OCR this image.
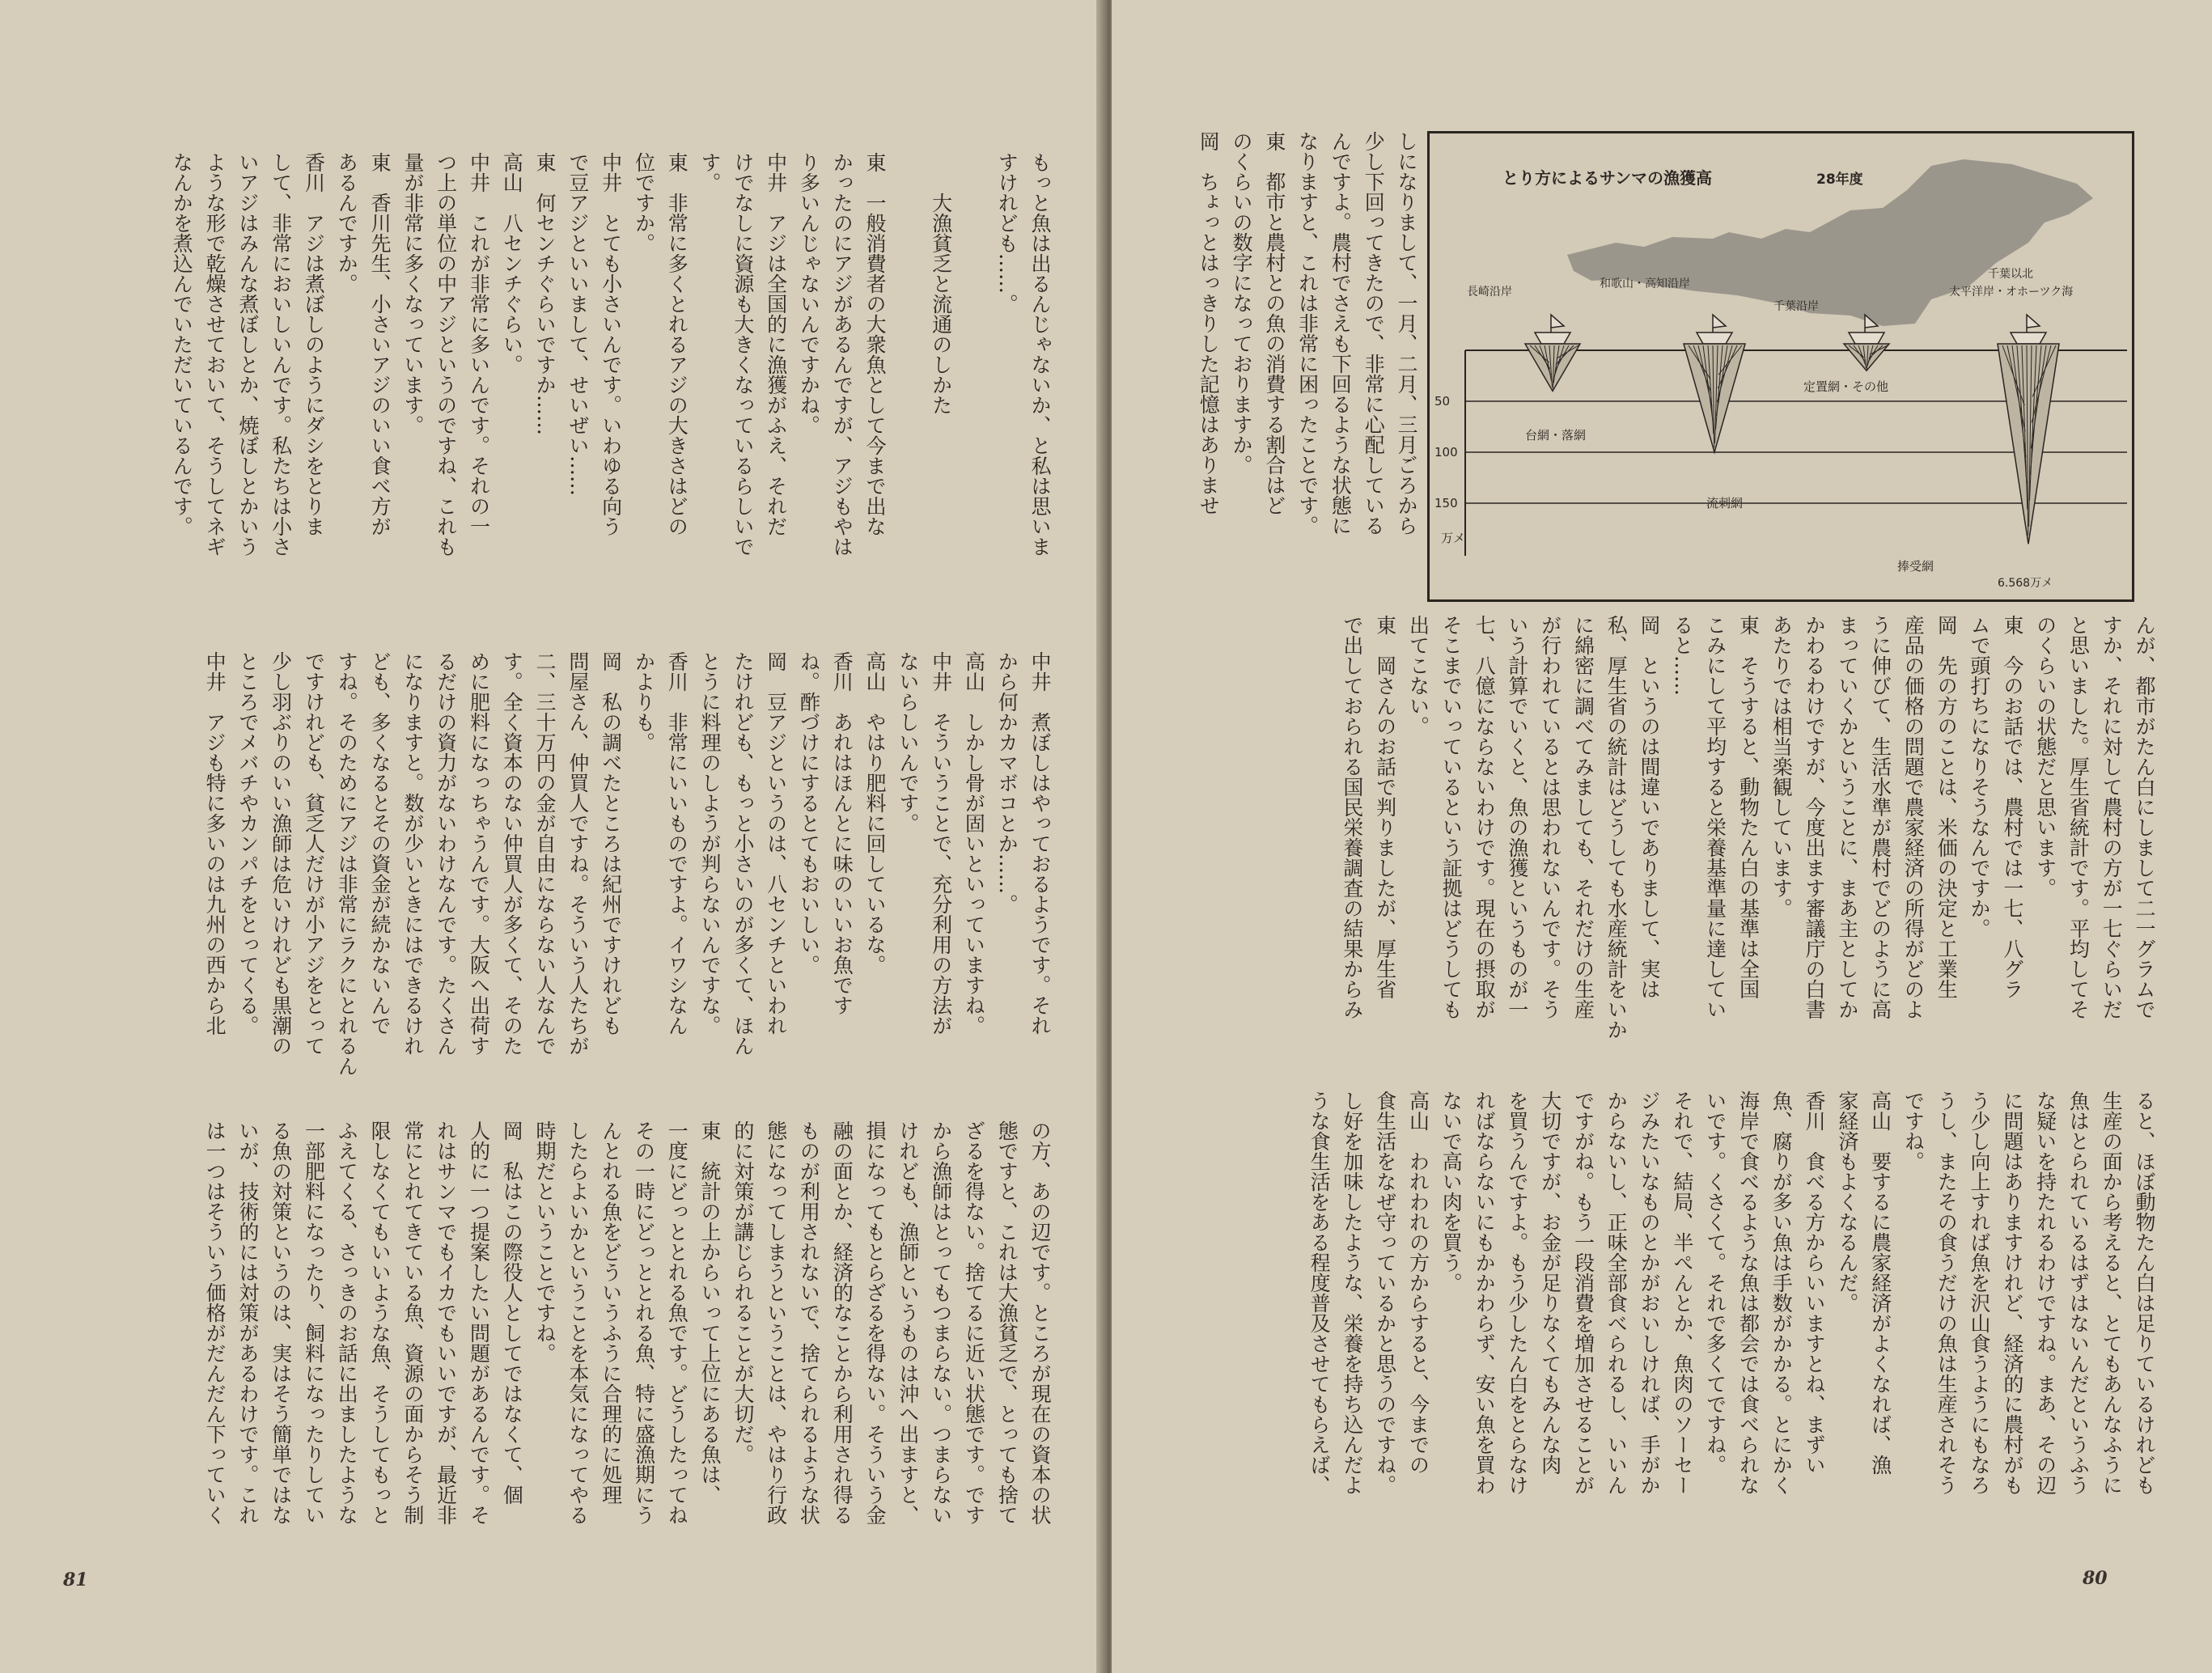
もっと魚は出るんじゃないか、と私は思いま
すけれども……。

　　大漁貧乏と流通のしかた

東　一般消費者の大衆魚として今まで出な
かったのにアジがあるんですが、アジもやは
り多いんじゃないんですかね。
中井　アジは全国的に漁獲がふえ、それだ
けでなしに資源も大きくなっているらしいで
す。
東　非常に多くとれるアジの大きさはどの
位ですか。
中井　とても小さいんです。いわゆる向う
で豆アジといいまして、せいぜい……
東　何センチぐらいですか……
高山　八センチぐらい。
中井　これが非常に多いんです。それの一
つ上の単位の中アジというのですね、これも
量が非常に多くなっています。
東　香川先生、小さいアジのいい食べ方が
あるんですか。
香川　アジは煮ぼしのようにダシをとりま
して、非常においしいんです。私たちは小さ
いアジはみんな煮ぼしとか、焼ぼしとかいう
ような形で乾燥させておいて、そうしてネギ
なんかを煮込んでいただいているんです。
中井　煮ぼしはやっておるようです。それ
から何かカマボコとか……。
高山　しかし骨が固いといっていますね。
中井　そういうことで、充分利用の方法が
ないらしいんです。
高山　やはり肥料に回しているな。
香川　あれはほんとに味のいいお魚です
ね。酢づけにするとてもおいしい。
岡　豆アジというのは、八センチといわれ
たけれども、もっと小さいのが多くて、ほん
とうに料理のしようが判らないんですな。
香川　非常にいいものですよ。イワシなん
かよりも。
岡　私の調べたところは紀州ですけれども
問屋さん、仲買人ですね。そういう人たちが
二、三十万円の金が自由にならない人なんで
す。全く資本のない仲買人が多くて、そのた
めに肥料になっちゃうんです。大阪へ出荷す
るだけの資力がないわけなんです。たくさん
になりますと。数が少いときにはできるけれ
ども、多くなるとその資金が続かないんで
すね。そのためにアジは非常にラクにとれるん
ですけれども、貧乏人だけが小アジをとって
少し羽ぶりのいい漁師は危いけれども黒潮の
ところでメバチやカンパチをとってくる。
中井　アジも特に多いのは九州の西から北
の方、あの辺です。ところが現在の資本の状
態ですと、これは大漁貧乏で、とっても捨て
ざるを得ない。捨てるに近い状態です。です
から漁師はとってもつまらない。つまらない
けれども、漁師というものは沖へ出ますと、
損になってもとらざるを得ない。そういう金
融の面とか、経済的なことから利用され得る
ものが利用されないで、捨てられるような状
態になってしまうということは、やはり行政
的に対策が講じられることが大切だ。
東　統計の上からいって上位にある魚は、
一度にどっととれる魚です。どうしたってね
その一時にどっととれる魚、特に盛漁期にう
んとれる魚をどういうふうに合理的に処理
したらよいかということを本気になってやる
時期だということですね。
岡　私はこの際役人としてではなくて、個
人的に一つ提案したい問題があるんです。そ
れはサンマでもイカでもいいですが、最近非
常にとれてきている魚、資源の面からそう制
限しなくてもいいような魚、そうしてもっと
ふえてくる、さっきのお話に出ましたような
一部肥料になったり、飼料になったりしてい
る魚の対策というのは、実はそう簡単ではな
いが、技術的には対策があるわけです。これ
は一つはそういう価格がだんだん下っていく
81
しになりまして、一月、二月、三月ごろから
少し下回ってきたので、非常に心配している
んですよ。農村でさえも下回るような状態に
なりますと、これは非常に困ったことです。
東　都市と農村との魚の消費する割合はど
のくらいの数字になっておりますか。
岡　ちょっとはっきりした記憶はありませ
んが、都市がたん白にしまして二一グラムで
すか、それに対して農村の方が一七ぐらいだ
と思いました。厚生省統計です。平均してそ
のくらいの状態だと思います。
東　今のお話では、農村では一七、八グラ
ムで頭打ちになりそうなんですか。
岡　先の方のことは、米価の決定と工業生
産品の価格の問題で農家経済の所得がどのよ
うに伸びて、生活水準が農村でどのように高
まっていくかということに、まあ主としてか
かわるわけですが、今度出ます審議庁の白書
あたりでは相当楽観しています。
東　そうすると、動物たん白の基準は全国
こみにして平均すると栄養基準量に達してい
ると……
岡　というのは間違いでありまして、実は
私、厚生省の統計はどうしても水産統計をいか
に綿密に調べてみましても、それだけの生産
が行われているとは思われないんです。そう
いう計算でいくと、魚の漁獲というものが一
七、八億にならないわけです。現在の摂取が
そこまでいっているという証拠はどうしても
出てこない。
東　岡さんのお話で判りましたが、厚生省
で出しておられる国民栄養調査の結果からみ
ると、ほぼ動物たん白は足りているけれども
生産の面から考えると、とてもあんなふうに
魚はとられているはずはないんだというふう
な疑いを持たれるわけですね。まあ、その辺
に問題はありますけれど、経済的に農村がも
う少し向上すれば魚を沢山食うようにもなろ
うし、またその食うだけの魚は生産されそう
ですね。
高山　要するに農家経済がよくなれば、漁
家経済もよくなるんだ。
香川　食べる方からいいますとね、まずい
魚、腐りが多い魚は手数がかかる。とにかく
海岸で食べるような魚は都会では食べられな
いです。くさくて。それで多くてですね。
それで、結局、半ぺんとか、魚肉のソーセー
ジみたいなものとかがおいしければ、手がか
からないし、正味全部食べられるし、いいん
ですがね。もう一段消費を増加させることが
大切ですが、お金が足りなくてもみんな肉
を買うんですよ。もう少したん白をとらなけ
ればならないにもかかわらず、安い魚を買わ
ないで高い肉を買う。
高山　われわれの方からすると、今までの
食生活をなぜ守っているかと思うのですね。
し好を加味したような、栄養を持ち込んだよ
うな食生活をある程度普及させてもらえば、
80
とり方によるサンマの漁獲高	28年度
50
100
150
長崎沿岸
和歌山・高知沿岸
千葉沿岸
千葉以北
太平洋岸・オホーツク海
台網・落網
流刺網
定置網・その他
捧受網
6.568万メ
万メ
